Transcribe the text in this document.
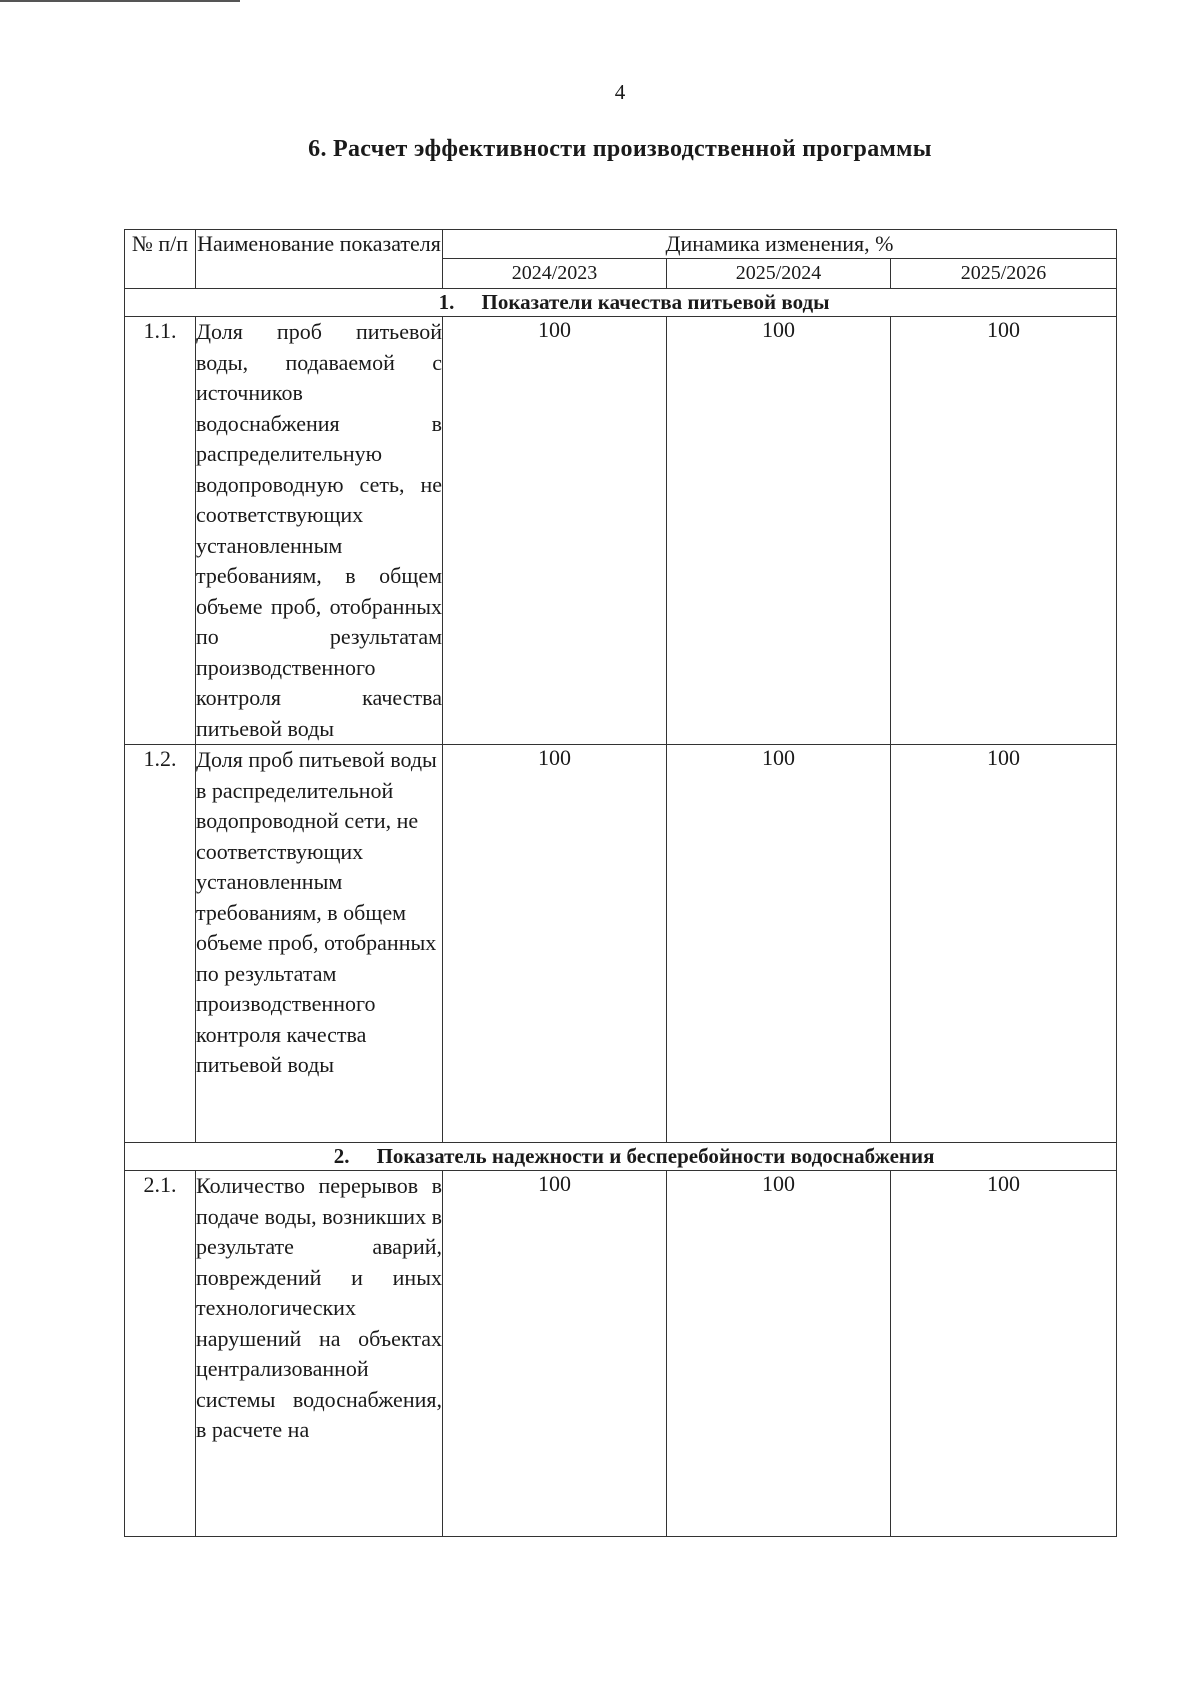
4
6. Расчет эффективности производственной программы
№ п/п	Наименование показателя	Динамика изменения, %		
		2024/2023	2025/2024	2025/2026
1. Показатели качества питьевой воды				
1.1.	Доля проб питьевой воды, подаваемой с источников водоснабжения в распределительную водопроводную сеть, не соответствующих установленным требованиям, в общем объеме проб, отобранных по результатам производственного контроля качества питьевой воды	100	100	100
1.2.	Доля проб питьевой воды в распределительной водопроводной сети, не соответствующих установленным требованиям, в общем объеме проб, отобранных по результатам производственного контроля качества питьевой воды	100	100	100
2. Показатель надежности и бесперебойности водоснабжения				
2.1.	Количество перерывов в подаче воды, возникших в результате аварий, повреждений и иных технологических нарушений на объектах централизованной системы водоснабжения, в расчете на	100	100	100
